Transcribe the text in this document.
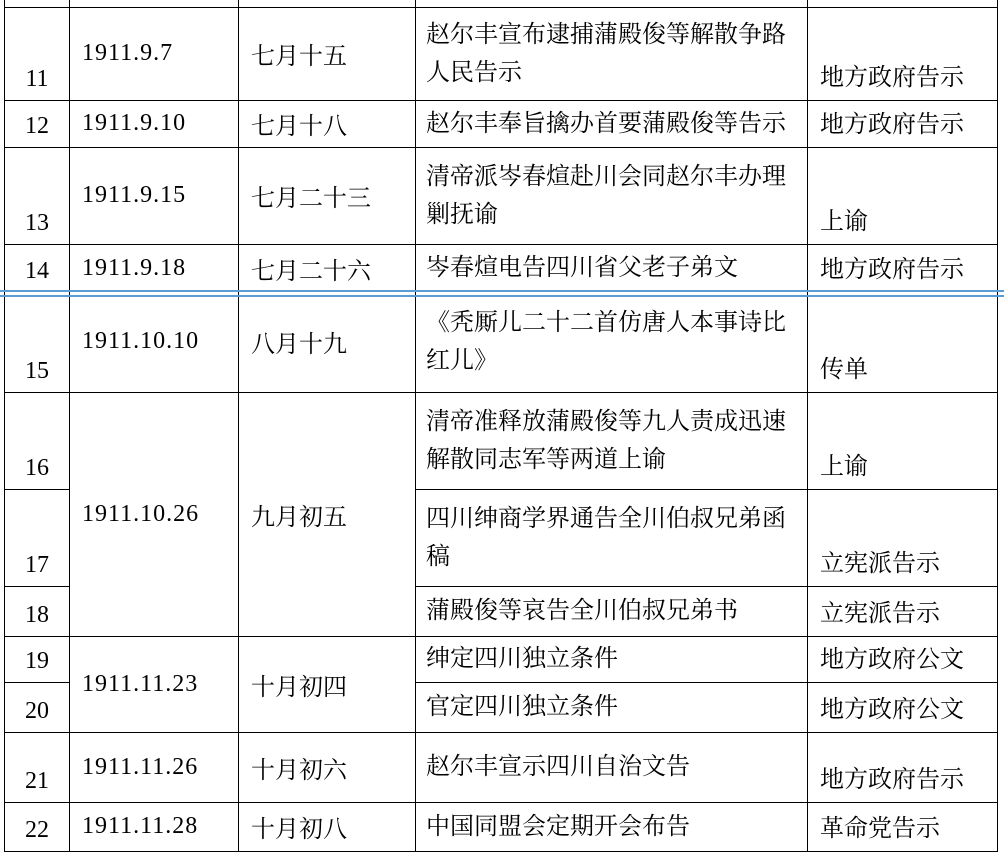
11	1911.9.7	七月十五	赵尔丰宣布逮捕蒲殿俊等解散争路人民告示	地方政府告示
12	1911.9.10	七月十八	赵尔丰奉旨擒办首要蒲殿俊等告示	地方政府告示
13	1911.9.15	七月二十三	清帝派岑春煊赴川会同赵尔丰办理剿抚谕	上谕
14	1911.9.18	七月二十六	岑春煊电告四川省父老子弟文	地方政府告示
15	1911.10.10	八月十九	《秃厮儿二十二首仿唐人本事诗比红儿》	传单
16	1911.10.26	九月初五	清帝准释放蒲殿俊等九人责成迅速解散同志军等两道上谕	上谕
17			四川绅商学界通告全川伯叔兄弟函稿	立宪派告示
18			蒲殿俊等哀告全川伯叔兄弟书	立宪派告示
19	1911.11.23	十月初四	绅定四川独立条件	地方政府公文
20			官定四川独立条件	地方政府公文
21	1911.11.26	十月初六	赵尔丰宣示四川自治文告	地方政府告示
22	1911.11.28	十月初八	中国同盟会定期开会布告	革命党告示
